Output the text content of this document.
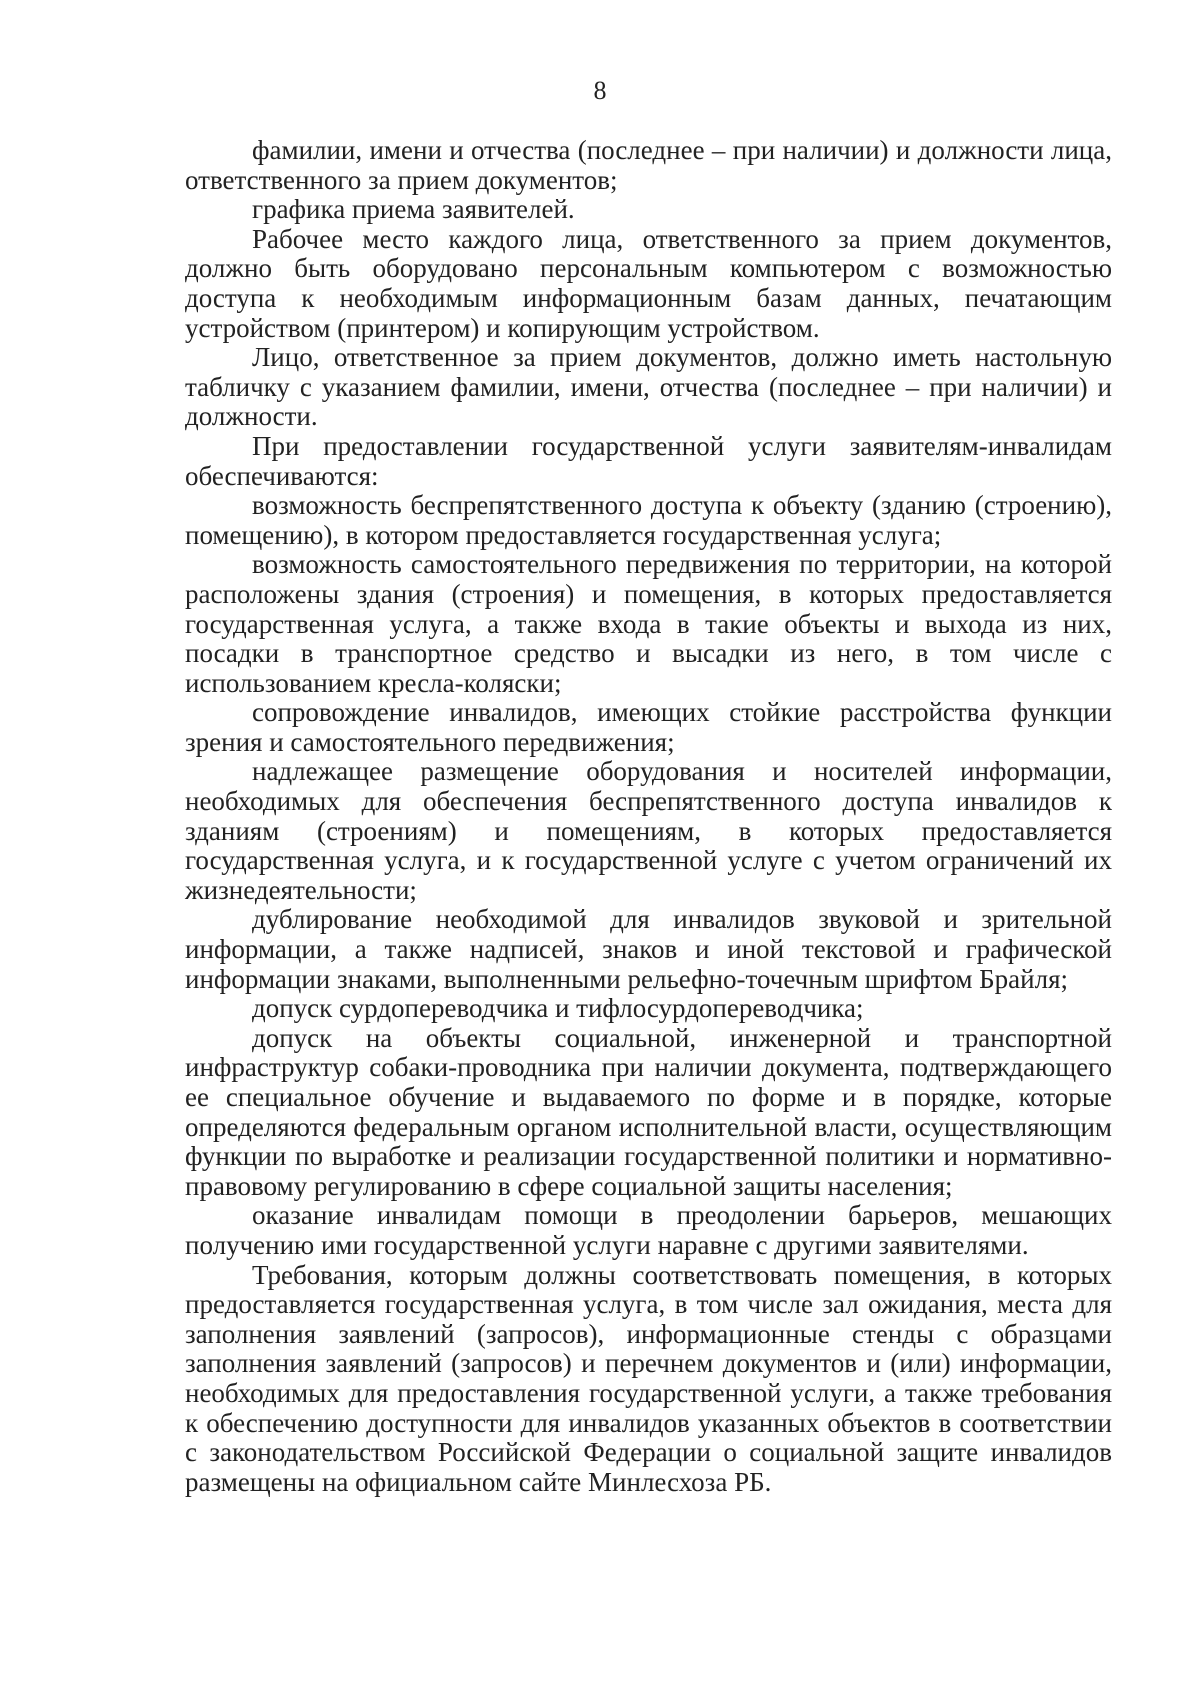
8

фамилии, имени и отчества (последнее – при наличии) и должности лица, ответственного за прием документов;

графика приема заявителей.

Рабочее место каждого лица, ответственного за прием документов, должно быть оборудовано персональным компьютером с возможностью доступа к необходимым информационным базам данных, печатающим устройством (принтером) и копирующим устройством.

Лицо, ответственное за прием документов, должно иметь настольную табличку с указанием фамилии, имени, отчества (последнее – при наличии) и должности.

При предоставлении государственной услуги заявителям-инвалидам обеспечиваются:

возможность беспрепятственного доступа к объекту (зданию (строению), помещению), в котором предоставляется государственная услуга;

возможность самостоятельного передвижения по территории, на которой расположены здания (строения) и помещения, в которых предоставляется государственная услуга, а также входа в такие объекты и выхода из них, посадки в транспортное средство и высадки из него, в том числе с использованием кресла-коляски;

сопровождение инвалидов, имеющих стойкие расстройства функции зрения и самостоятельного передвижения;

надлежащее размещение оборудования и носителей информации, необходимых для обеспечения беспрепятственного доступа инвалидов к зданиям (строениям) и помещениям, в которых предоставляется государственная услуга, и к государственной услуге с учетом ограничений их жизнедеятельности;

дублирование необходимой для инвалидов звуковой и зрительной информации, а также надписей, знаков и иной текстовой и графической информации знаками, выполненными рельефно-точечным шрифтом Брайля;

допуск сурдопереводчика и тифлосурдопереводчика;

допуск на объекты социальной, инженерной и транспортной инфраструктур собаки-проводника при наличии документа, подтверждающего ее специальное обучение и выдаваемого по форме и в порядке, которые определяются федеральным органом исполнительной власти, осуществляющим функции по выработке и реализации государственной политики и нормативно-правовому регулированию в сфере социальной защиты населения;

оказание инвалидам помощи в преодолении барьеров, мешающих получению ими государственной услуги наравне с другими заявителями.

Требования, которым должны соответствовать помещения, в которых предоставляется государственная услуга, в том числе зал ожидания, места для заполнения заявлений (запросов), информационные стенды с образцами заполнения заявлений (запросов) и перечнем документов и (или) информации, необходимых для предоставления государственной услуги, а также требования к обеспечению доступности для инвалидов указанных объектов в соответствии с законодательством Российской Федерации о социальной защите инвалидов размещены на официальном сайте Минлесхоза РБ.
